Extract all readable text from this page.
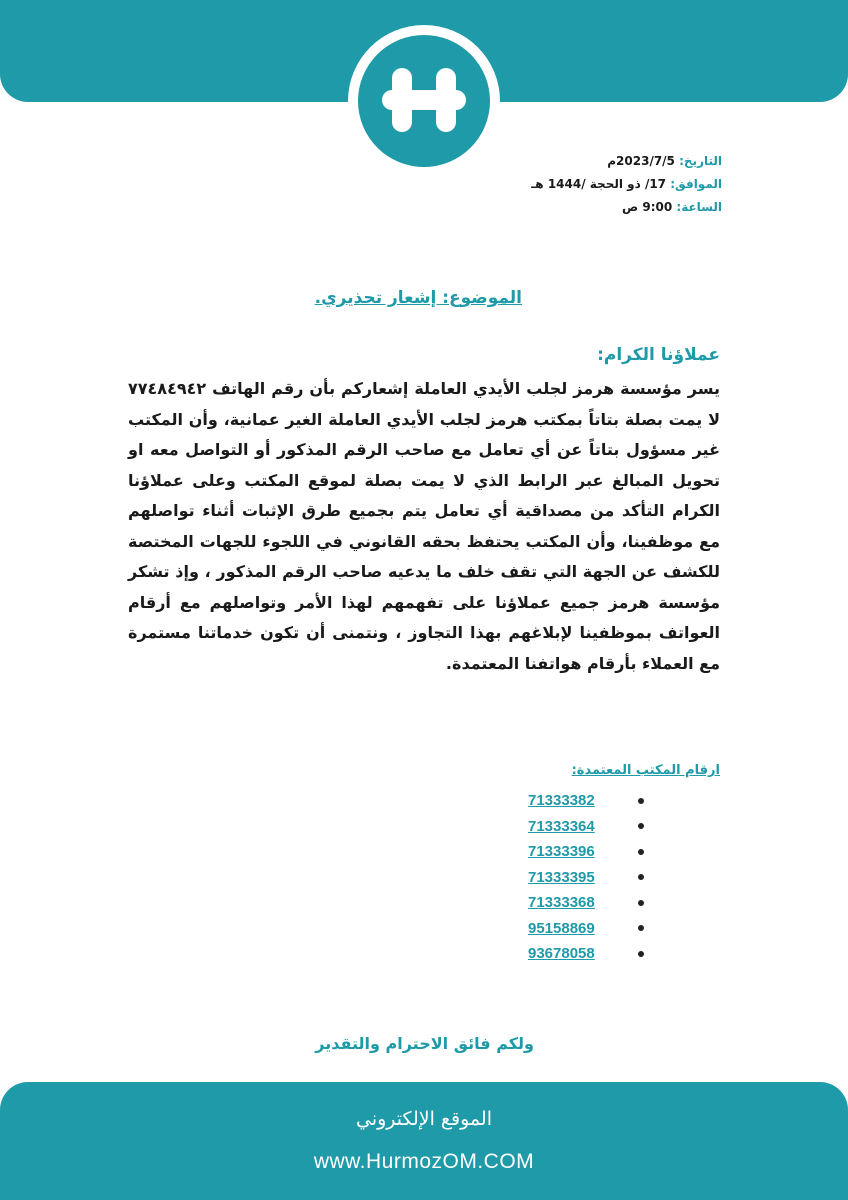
التاريخ: 2023/7/5م
الموافق: 17/ ذو الحجة /1444 هـ
الساعة: 9:00 ص
الموضوع: إشعار تحذيري.
عملاؤنا الكرام:
يسر مؤسسة هرمز لجلب الأيدي العاملة إشعاركم بأن رقم الهاتف ٧٧٤٨٤٩٤٢ لا يمت بصلة بتاتاً بمكتب هرمز لجلب الأيدي العاملة الغير عمانية، وأن المكتب غير مسؤول بتاتاً عن أي تعامل مع صاحب الرقم المذكور أو التواصل معه او تحويل المبالغ عبر الرابط الذي لا يمت بصلة لموقع المكتب وعلى عملاؤنا الكرام التأكد من مصداقية أي تعامل يتم بجميع طرق الإثبات أثناء تواصلهم مع موظفينا، وأن المكتب يحتفظ بحقه القانوني في اللجوء للجهات المختصة للكشف عن الجهة التي تقف خلف ما يدعيه صاحب الرقم المذكور ، وإذ تشكر مؤسسة هرمز جميع عملاؤنا على تفهمهم لهذا الأمر وتواصلهم مع أرقام العواتف بموظفينا لإبلاغهم بهذا التجاوز ، ونتمنى أن تكون خدماتنا مستمرة مع العملاء بأرقام هواتفنا المعتمدة.
ارقام المكتب المعتمدة:
71333382
71333364
71333396
71333395
71333368
95158869
93678058
ولكم فائق الاحترام والتقدير
الموقع الإلكتروني
www.HurmozOM.COM
